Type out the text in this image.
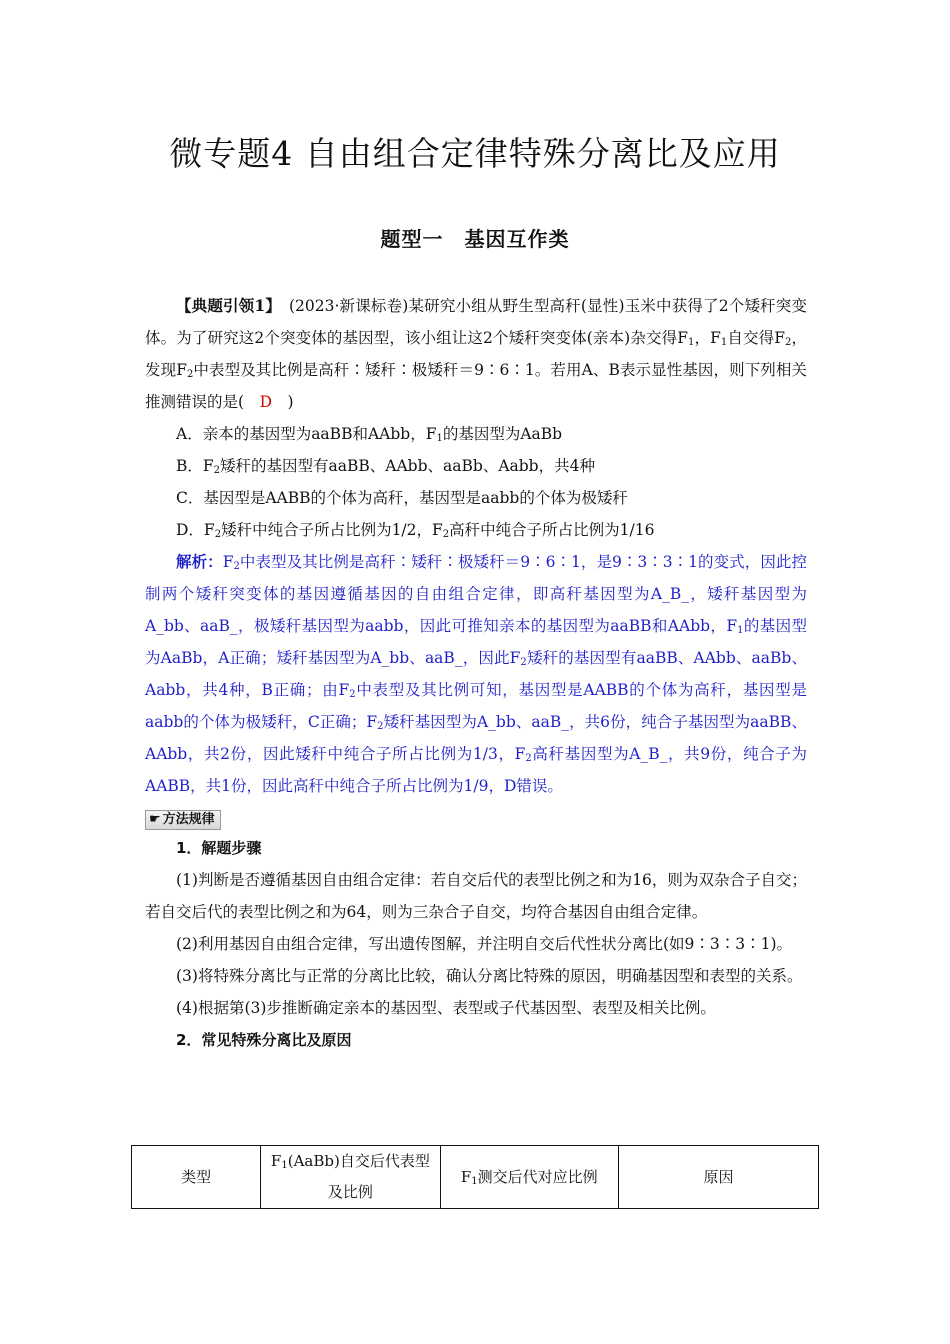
微专题4 自由组合定律特殊分离比及应用
题型一　基因互作类

【典题引领1】　 (2023·新课标卷)某研究小组从野生型高秆(显性)玉米中获得了2个矮秆突变体。为了研究这2个突变体的基因型，该小组让这2个矮秆突变体(亲本)杂交得$F_1$，$F_1$自交得$F_2$，发现$F_2$中表型及其比例是高秆∶矮秆∶极矮秆＝9∶6∶1。若用A、B表示显性基因，则下列相关推测错误的是(　D　)

A．亲本的基因型为aaBB和AAbb，$F_1$的基因型为AaBb

B．$F_2$矮秆的基因型有aaBB、AAbb、aaBb、Aabb，共4种

C．基因型是AABB的个体为高秆，基因型是aabb的个体为极矮秆

D．$F_2$矮秆中纯合子所占比例为1/2，$F_2$高秆中纯合子所占比例为1/16

解析：$F_2$中表型及其比例是高秆∶矮秆∶极矮秆＝9∶6∶1，是9∶3∶3∶1的变式，因此控制两个矮秆突变体的基因遵循基因的自由组合定律，即高秆基因型为A_B_，矮秆基因型为A_bb、aaB_，极矮秆基因型为aabb，因此可推知亲本的基因型为aaBB和AAbb，$F_1$的基因型为AaBb，A正确；矮秆基因型为A_bb、aaB_，因此$F_2$矮秆的基因型有aaBB、AAbb、aaBb、Aabb，共4种，B正确；由$F_2$中表型及其比例可知，基因型是AABB的个体为高秆，基因型是aabb的个体为极矮秆，C正确；$F_2$矮秆基因型为A_bb、aaB_，共6份，纯合子基因型为aaBB、AAbb，共2份，因此矮秆中纯合子所占比例为1/3，$F_2$高秆基因型为A_B_，共9份，纯合子为AABB，共1份，因此高秆中纯合子所占比例为1/9，D错误。

☛ 方法规律

1．解题步骤

(1)判断是否遵循基因自由组合定律：若自交后代的表型比例之和为16，则为双杂合子自交；若自交后代的表型比例之和为64，则为三杂合子自交，均符合基因自由组合定律。

(2)利用基因自由组合定律，写出遗传图解，并注明自交后代性状分离比(如9∶3∶3∶1)。

(3)将特殊分离比与正常的分离比比较，确认分离比特殊的原因，明确基因型和表型的关系。

(4)根据第(3)步推断确定亲本的基因型、表型或子代基因型、表型及相关比例。

2．常见特殊分离比及原因

类型	$F_1(AaBb)$自交后代表型及比例	$F_1$测交后代对应比例	原因
